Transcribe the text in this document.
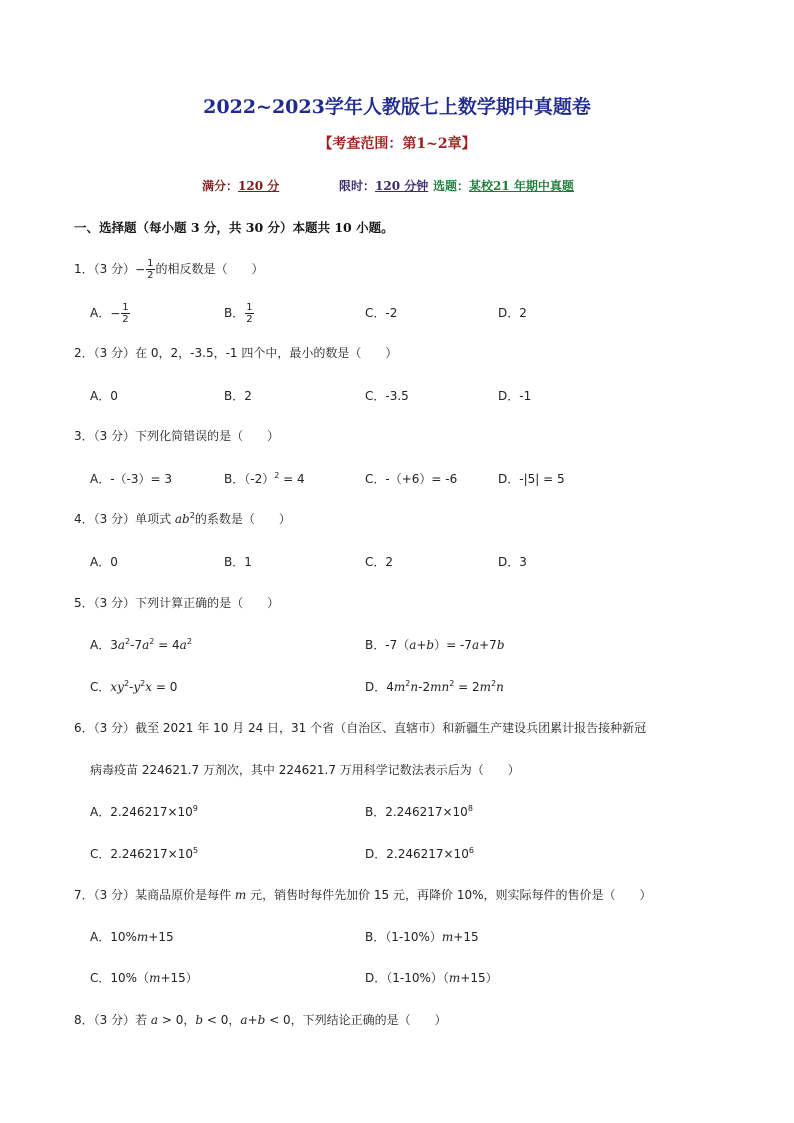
2022~2023学年人教版七上数学期中真题卷
【考查范围：第1~2章】
满分：120 分	限时：120 分钟 选题：某校21 年期中真题
一、选择题（每小题 3 分，共 30 分）本题共 10 小题。
1．（3 分）− $\frac{1}{2}$ 的相反数是（　　）
A．− $\frac{1}{2}$	B． $\frac{1}{2}$	C．-2	D．2
2．（3 分）在 0，2，-3.5，-1 四个中，最小的数是（　　）
A．0	B．2	C．-3.5	D．-1
3．（3 分）下列化简错误的是（　　）
A．-（-3）= 3	B．$(-2)^2 = 4$	C．-（+6）= -6	D．-|5| = 5
4．（3 分）单项式 $ab^2$的系数是（　　）
A．0	B．1	C．2	D．3
5．（3 分）下列计算正确的是（　　）
A．$3a^2-7a^2 = 4a^2$	B．-7（a+b）= -7a+7b
C．$xy^2-y^2x = 0$	D．$4m^2n-2mn^2 = 2m^2n$
6．（3 分）截至 2021 年 10 月 24 日，31 个省（自治区、直辖市）和新疆生产建设兵团累计报告接种新冠
病毒疫苗 224621.7 万剂次，其中 224621.7 万用科学记数法表示后为（　　）
A．$2.246217\times 10^9$	B．$2.246217\times 10^8$
C．$2.246217\times 10^5$	D．$2.246217\times 10^6$
7．（3 分）某商品原价是每件 m 元，销售时每件先加价 15 元，再降价 10%，则实际每件的售价是（　　）
A．10%m+15	B．（1-10%）m+15
C．10%（m+15）	D．（1-10%）（m+15）
8．（3 分）若 a > 0，b < 0，a+b < 0，下列结论正确的是（　　）
